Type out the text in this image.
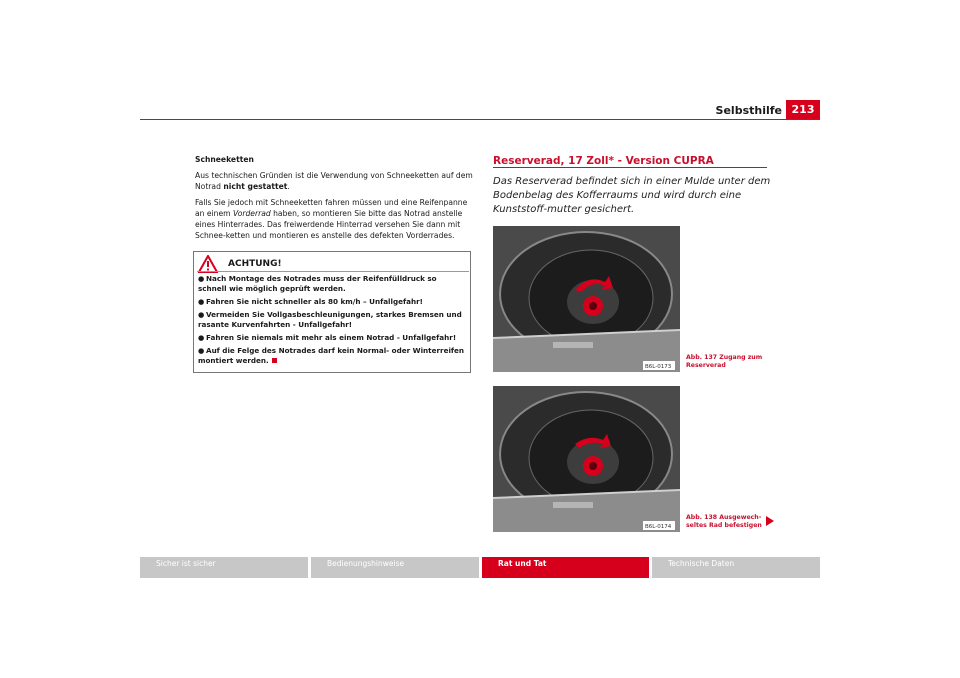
Selbsthilfe 213

Schneeketten

Aus technischen Gründen ist die Verwendung von Schneeketten auf dem Notrad nicht gestattet.

Falls Sie jedoch mit Schneeketten fahren müssen und eine Reifenpanne an einem Vorderrad haben, so montieren Sie bitte das Notrad anstelle eines Hinterrades. Das freiwerdende Hinterrad versehen Sie dann mit Schnee-ketten und montieren es anstelle des defekten Vorderrades.

ACHTUNG!
● Nach Montage des Notrades muss der Reifenfülldruck so schnell wie möglich geprüft werden.
● Fahren Sie nicht schneller als 80 km/h – Unfallgefahr!
● Vermeiden Sie Vollgasbeschleunigungen, starkes Bremsen und rasante Kurvenfahrten - Unfallgefahr!
● Fahren Sie niemals mit mehr als einem Notrad - Unfallgefahr!
● Auf die Felge des Notrades darf kein Normal- oder Winterreifen montiert werden.
Reserverad, 17 Zoll* - Version CUPRA
Das Reserverad befindet sich in einer Mulde unter dem Bodenbelag des Kofferraums und wird durch eine Kunststoff-mutter gesichert.
B6L-0173
Abb. 137 Zugang zum
Reserverad
B6L-0174
Abb. 138 Ausgewech-
seltes Rad befestigen
Sicher ist sicher	Bedienungshinweise	Rat und Tat	Technische Daten
